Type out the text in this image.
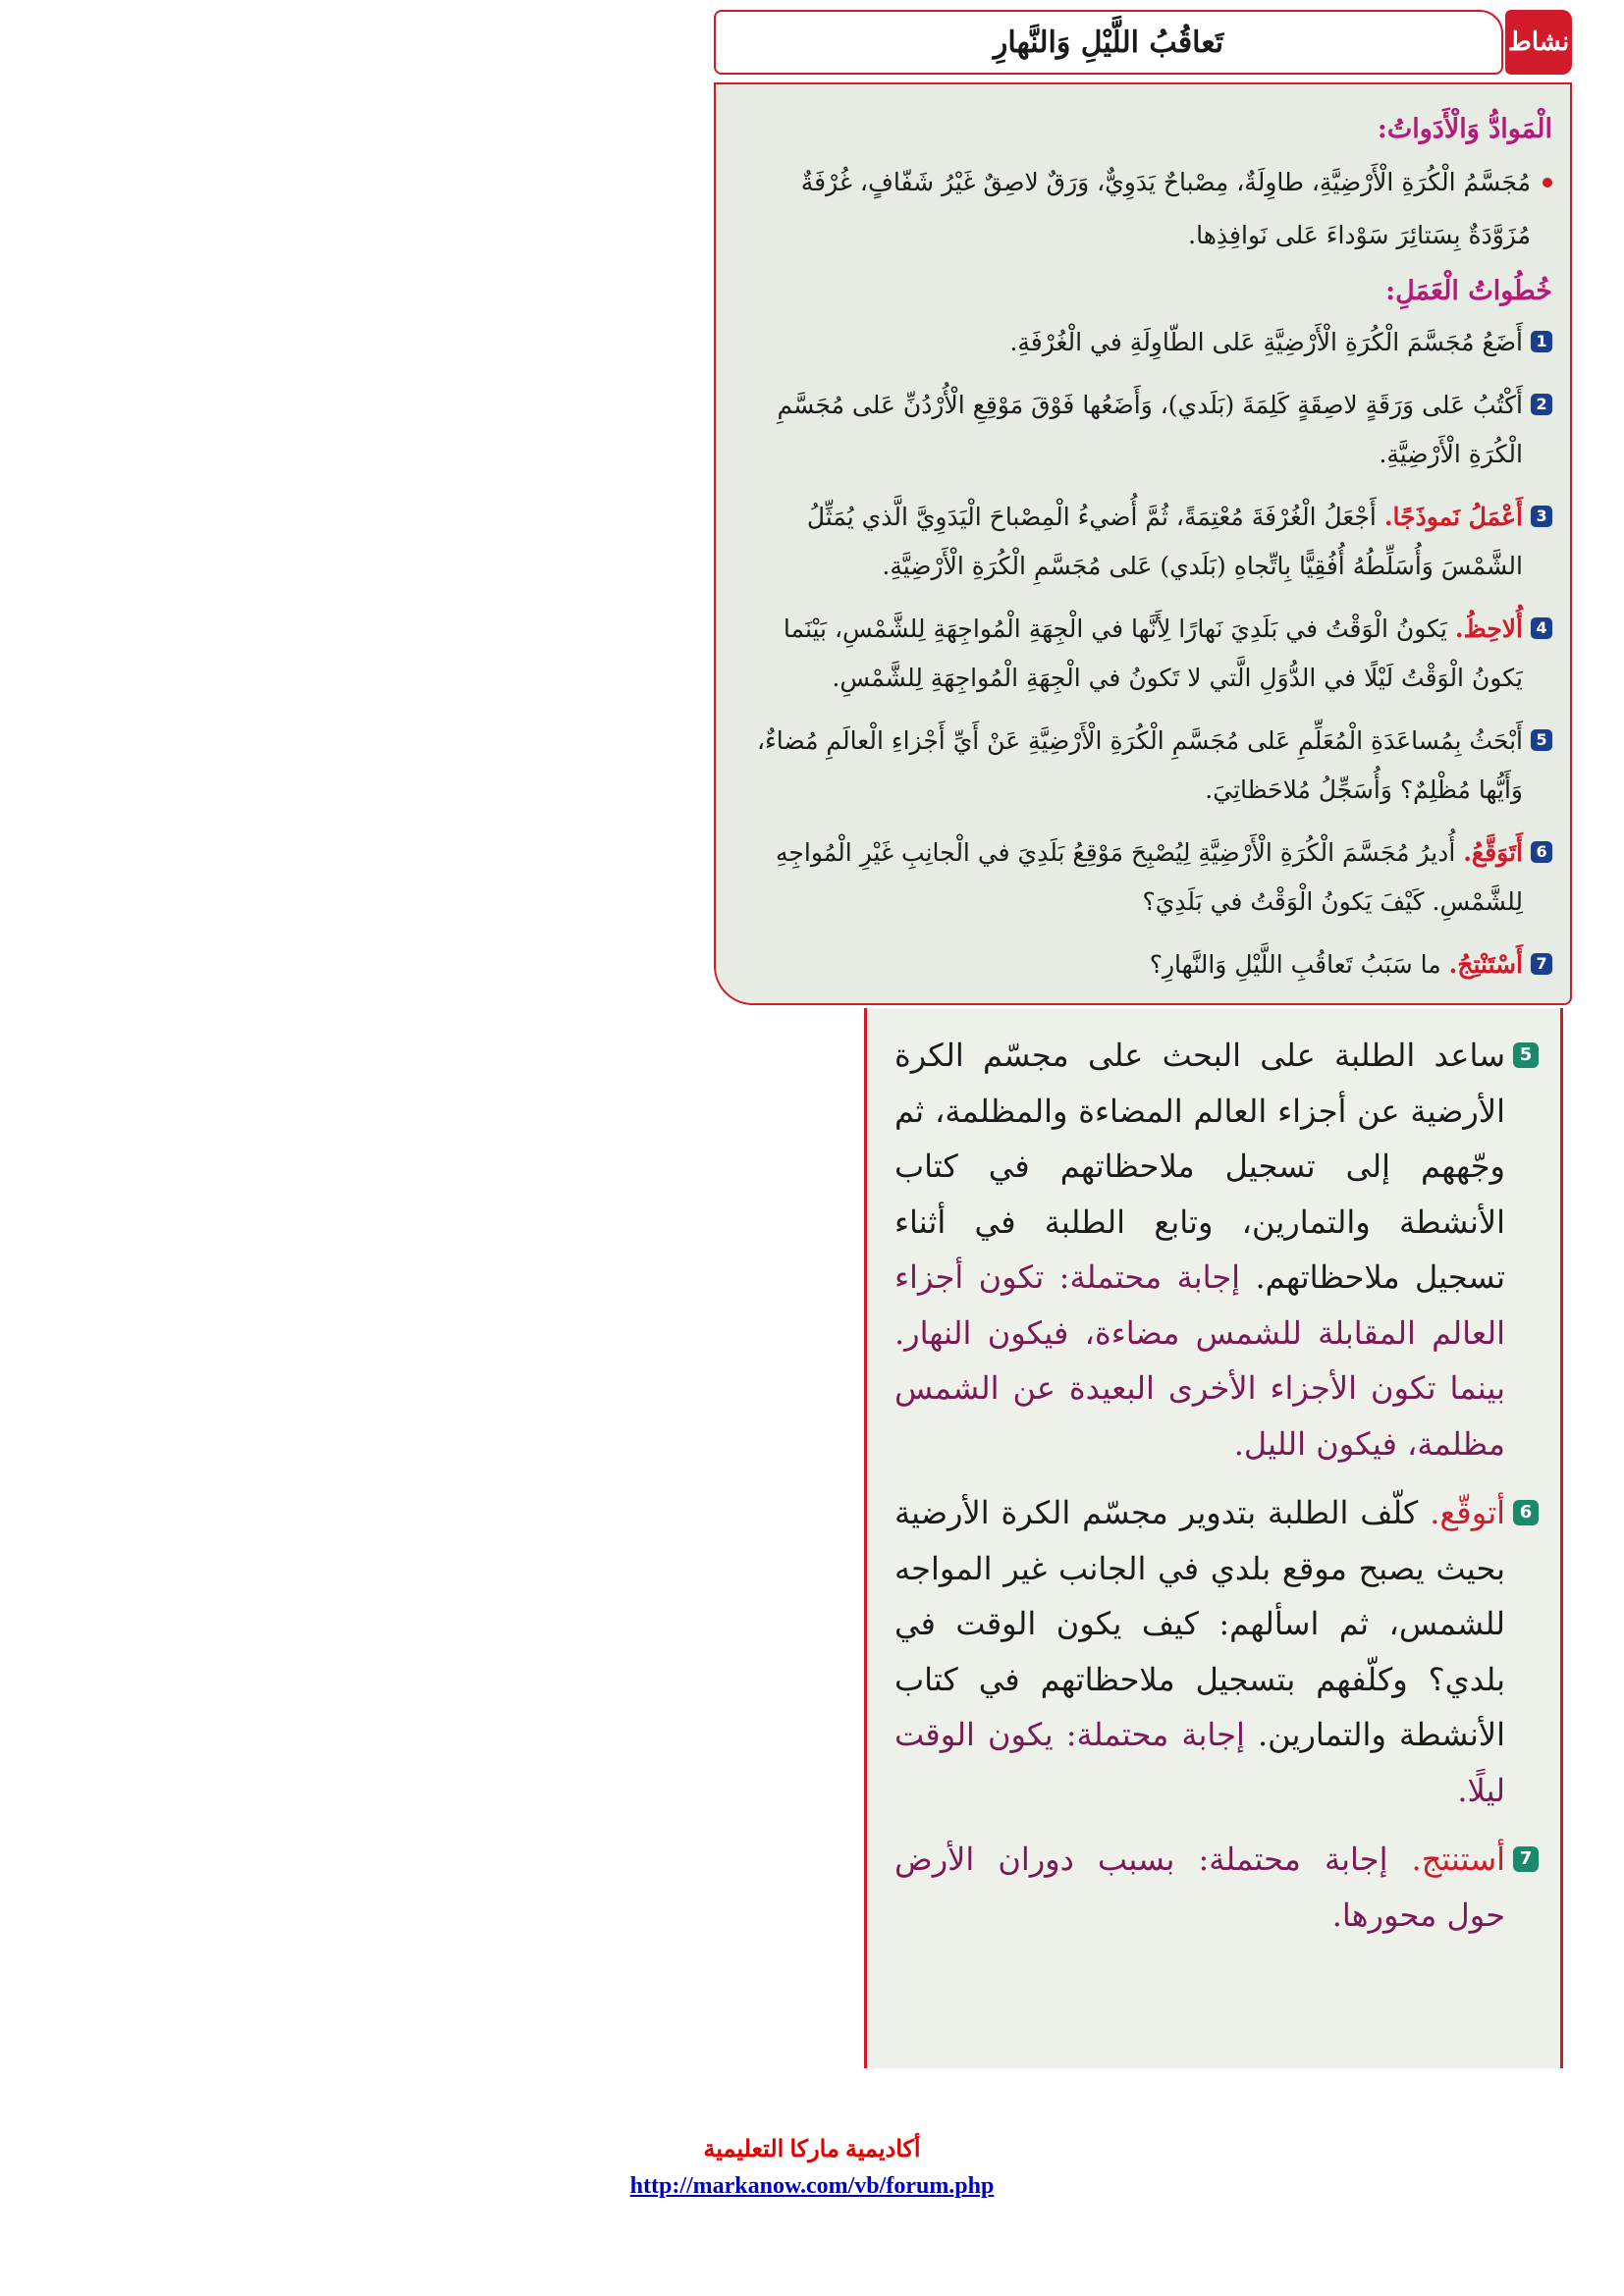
تَعاقُبُ اللَّيْلِ وَالنَّهارِ	نشاط
الْمَوادُّ وَالْأَدَواتُ:
مُجَسَّمُ الْكُرَةِ الْأَرْضِيَّةِ، طاوِلَةٌ، مِصْباحٌ يَدَوِيٌّ، وَرَقٌ لاصِقٌ غَيْرُ شَفّافٍ، غُرْفَةٌ مُزَوَّدَةٌ بِسَتائِرَ سَوْداءَ عَلى نَوافِذِها.
خُطُواتُ الْعَمَلِ:
1
أَضَعُ مُجَسَّمَ الْكُرَةِ الْأَرْضِيَّةِ عَلى الطّاوِلَةِ في الْغُرْفَةِ.
2
أَكْتُبُ عَلى وَرَقَةٍ لاصِقَةٍ كَلِمَةَ (بَلَدي)، وَأَضَعُها فَوْقَ مَوْقِعِ الْأُرْدُنِّ عَلى مُجَسَّمِ الْكُرَةِ الْأَرْضِيَّةِ.
3
أَعْمَلُ نَموذَجًا. أَجْعَلُ الْغُرْفَةَ مُعْتِمَةً، ثُمَّ أُضيءُ الْمِصْباحَ الْيَدَوِيَّ الَّذي يُمَثِّلُ الشَّمْسَ وَأُسَلِّطُهُ أُفُقِيًّا بِاتِّجاهِ (بَلَدي) عَلى مُجَسَّمِ الْكُرَةِ الْأَرْضِيَّةِ.
4
أُلاحِظُ. يَكونُ الْوَقْتُ في بَلَدِيَ نَهارًا لِأَنَّها في الْجِهَةِ الْمُواجِهَةِ لِلشَّمْسِ، بَيْنَما يَكونُ الْوَقْتُ لَيْلًا في الدُّوَلِ الَّتي لا تَكونُ في الْجِهَةِ الْمُواجِهَةِ لِلشَّمْسِ.
5
أَبْحَثُ بِمُساعَدَةِ الْمُعَلِّمِ عَلى مُجَسَّمِ الْكُرَةِ الْأَرْضِيَّةِ عَنْ أَيِّ أَجْزاءِ الْعالَمِ مُضاءٌ، وَأَيُّها مُظْلِمٌ؟ وَأُسَجِّلُ مُلاحَظاتِيَ.
6
أَتَوَقَّعُ. أُديرُ مُجَسَّمَ الْكُرَةِ الْأَرْضِيَّةِ لِيُصْبِحَ مَوْقِعُ بَلَدِيَ في الْجانِبِ غَيْرِ الْمُواجِهِ لِلشَّمْسِ. كَيْفَ يَكونُ الْوَقْتُ في بَلَدِيَ؟
7
أَسْتَنْتِجُ. ما سَبَبُ تَعاقُبِ اللَّيْلِ وَالنَّهارِ؟
5
ساعد الطلبة على البحث على مجسّم الكرة الأرضية عن أجزاء العالم المضاءة والمظلمة، ثم وجّههم إلى تسجيل ملاحظاتهم في كتاب الأنشطة والتمارين، وتابع الطلبة في أثناء تسجيل ملاحظاتهم. إجابة محتملة: تكون أجزاء العالم المقابلة للشمس مضاءة، فيكون النهار. بينما تكون الأجزاء الأخرى البعيدة عن الشمس مظلمة، فيكون الليل.
6
أتوقّع. كلّف الطلبة بتدوير مجسّم الكرة الأرضية بحيث يصبح موقع بلدي في الجانب غير المواجه للشمس، ثم اسألهم: كيف يكون الوقت في بلدي؟ وكلّفهم بتسجيل ملاحظاتهم في كتاب الأنشطة والتمارين. إجابة محتملة: يكون الوقت ليلًا.
7
أستنتج. إجابة محتملة: بسبب دوران الأرض حول محورها.
أكاديمية ماركا التعليمية
http://markanow.com/vb/forum.php
